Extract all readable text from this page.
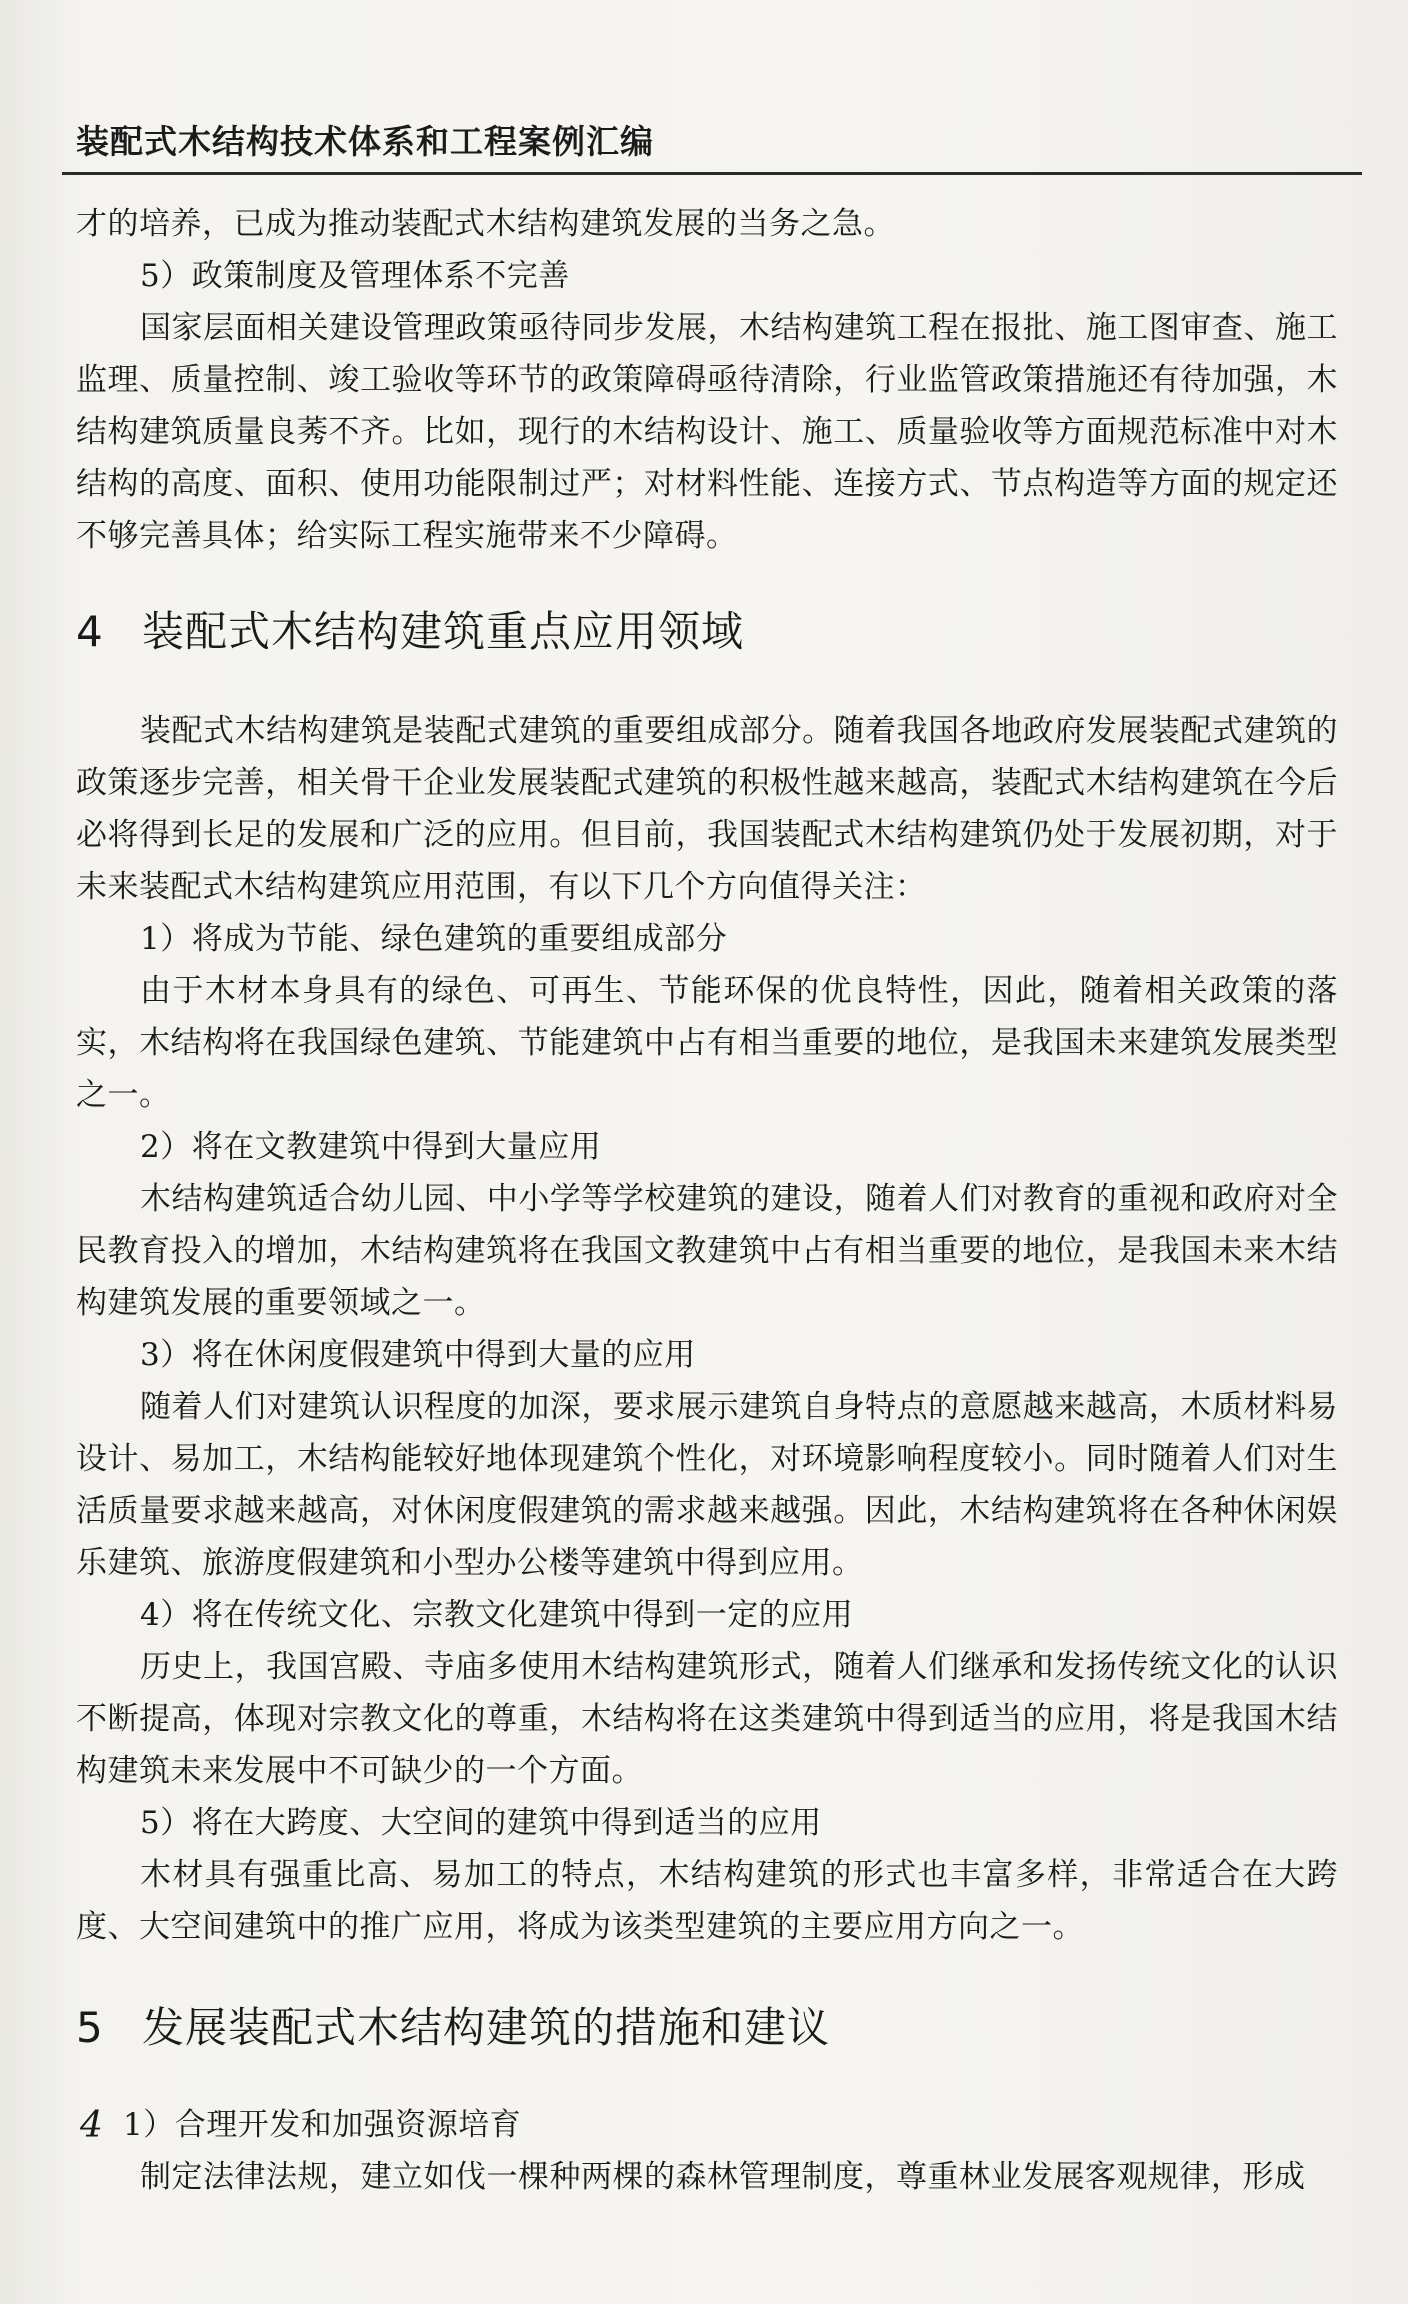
装配式木结构技术体系和工程案例汇编

才的培养，已成为推动装配式木结构建筑发展的当务之急。

5）政策制度及管理体系不完善

国家层面相关建设管理政策亟待同步发展，木结构建筑工程在报批、施工图审查、施工监理、质量控制、竣工验收等环节的政策障碍亟待清除，行业监管政策措施还有待加强，木结构建筑质量良莠不齐。比如，现行的木结构设计、施工、质量验收等方面规范标准中对木结构的高度、面积、使用功能限制过严；对材料性能、连接方式、节点构造等方面的规定还不够完善具体；给实际工程实施带来不少障碍。

4 装配式木结构建筑重点应用领域

装配式木结构建筑是装配式建筑的重要组成部分。随着我国各地政府发展装配式建筑的政策逐步完善，相关骨干企业发展装配式建筑的积极性越来越高，装配式木结构建筑在今后必将得到长足的发展和广泛的应用。但目前，我国装配式木结构建筑仍处于发展初期，对于未来装配式木结构建筑应用范围，有以下几个方向值得关注：

1）将成为节能、绿色建筑的重要组成部分

由于木材本身具有的绿色、可再生、节能环保的优良特性，因此，随着相关政策的落实，木结构将在我国绿色建筑、节能建筑中占有相当重要的地位，是我国未来建筑发展类型之一。

2）将在文教建筑中得到大量应用

木结构建筑适合幼儿园、中小学等学校建筑的建设，随着人们对教育的重视和政府对全民教育投入的增加，木结构建筑将在我国文教建筑中占有相当重要的地位，是我国未来木结构建筑发展的重要领域之一。

3）将在休闲度假建筑中得到大量的应用

随着人们对建筑认识程度的加深，要求展示建筑自身特点的意愿越来越高，木质材料易设计、易加工，木结构能较好地体现建筑个性化，对环境影响程度较小。同时随着人们对生活质量要求越来越高，对休闲度假建筑的需求越来越强。因此，木结构建筑将在各种休闲娱乐建筑、旅游度假建筑和小型办公楼等建筑中得到应用。

4）将在传统文化、宗教文化建筑中得到一定的应用

历史上，我国宫殿、寺庙多使用木结构建筑形式，随着人们继承和发扬传统文化的认识不断提高，体现对宗教文化的尊重，木结构将在这类建筑中得到适当的应用，将是我国木结构建筑未来发展中不可缺少的一个方面。

5）将在大跨度、大空间的建筑中得到适当的应用

木材具有强重比高、易加工的特点，木结构建筑的形式也丰富多样，非常适合在大跨度、大空间建筑中的推广应用，将成为该类型建筑的主要应用方向之一。

5 发展装配式木结构建筑的措施和建议

1）合理开发和加强资源培育

制定法律法规，建立如伐一棵种两棵的森林管理制度，尊重林业发展客观规律，形成

4
